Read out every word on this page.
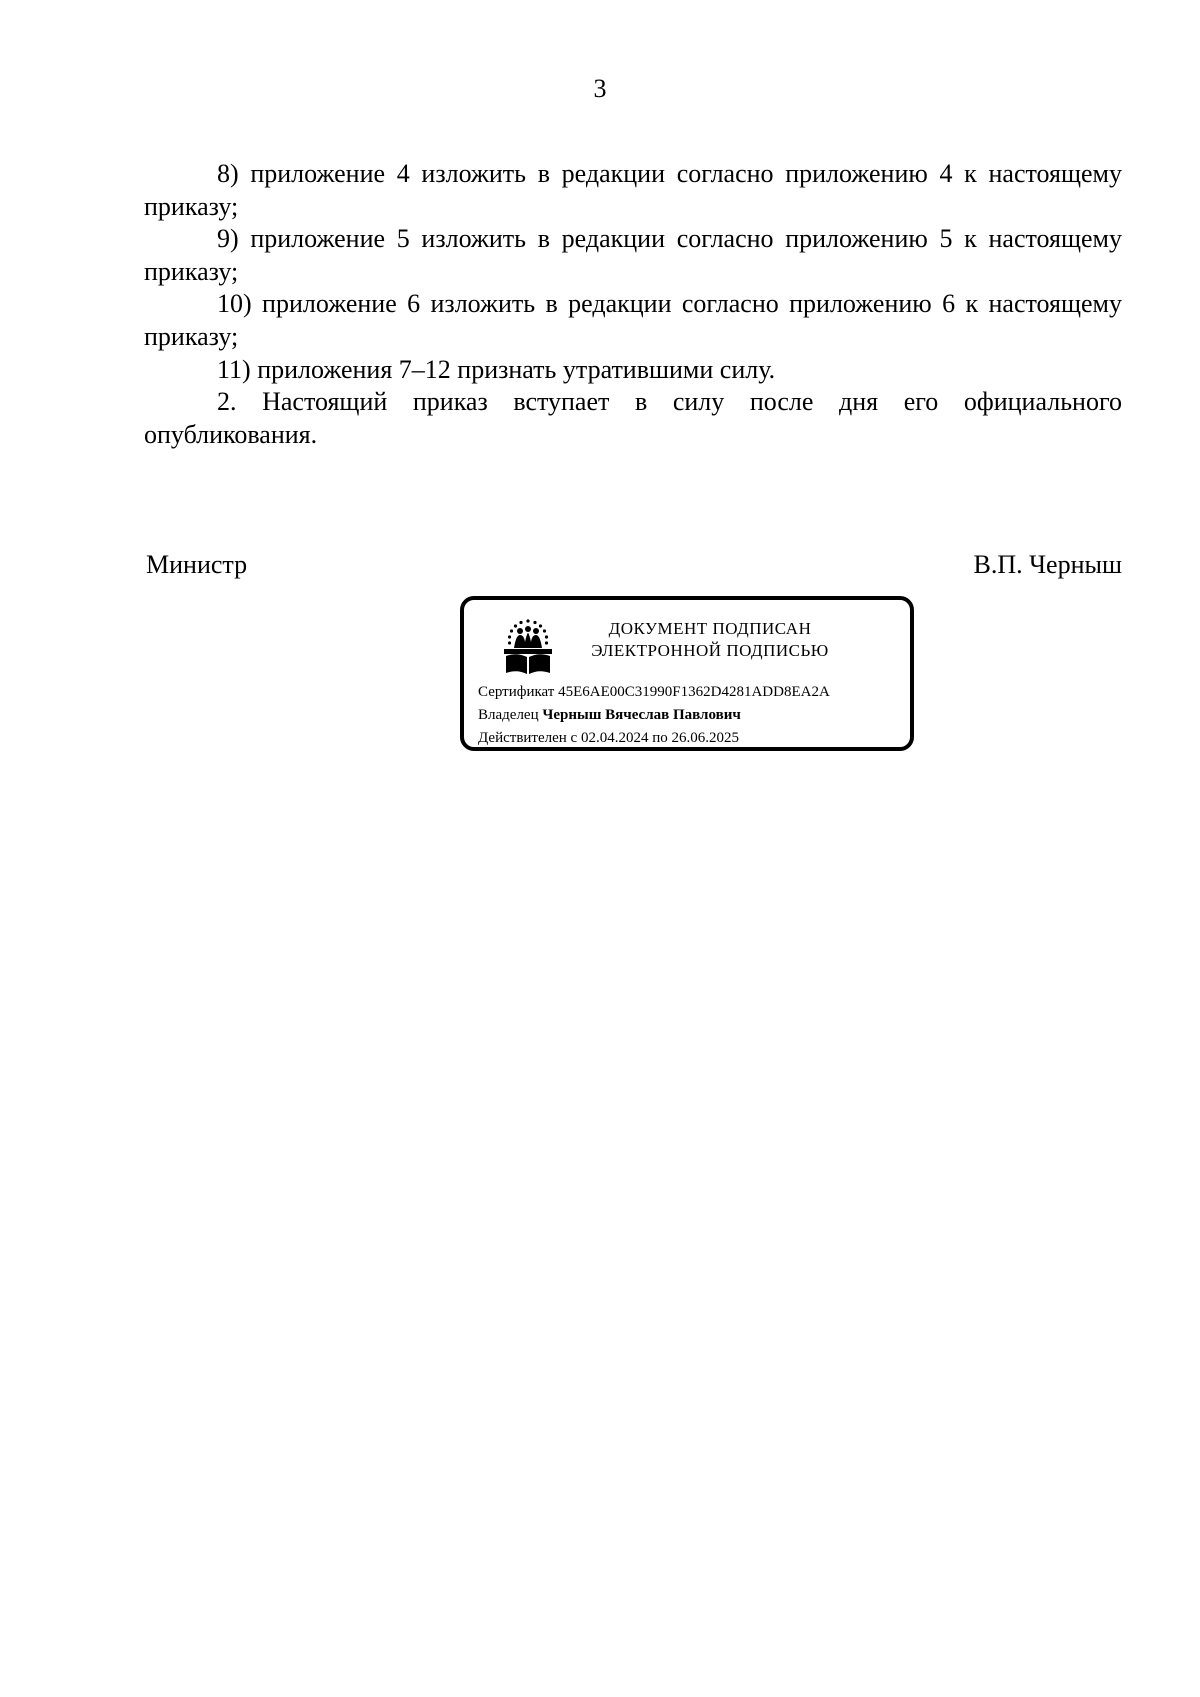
3

8) приложение 4 изложить в редакции согласно приложению 4 к настоящему приказу;

9) приложение 5 изложить в редакции согласно приложению 5 к настоящему приказу;

10) приложение 6 изложить в редакции согласно приложению 6 к настоящему приказу;

11) приложения 7–12 признать утратившими силу.

2. Настоящий приказ вступает в силу после дня его официального опубликования.

Министр	В.П. Черныш
ДОКУМЕНТ ПОДПИСАН
ЭЛЕКТРОННОЙ ПОДПИСЬЮ
Сертификат 45E6AE00C31990F1362D4281ADD8EA2A
Владелец Черныш Вячеслав Павлович
Действителен с 02.04.2024 по 26.06.2025
